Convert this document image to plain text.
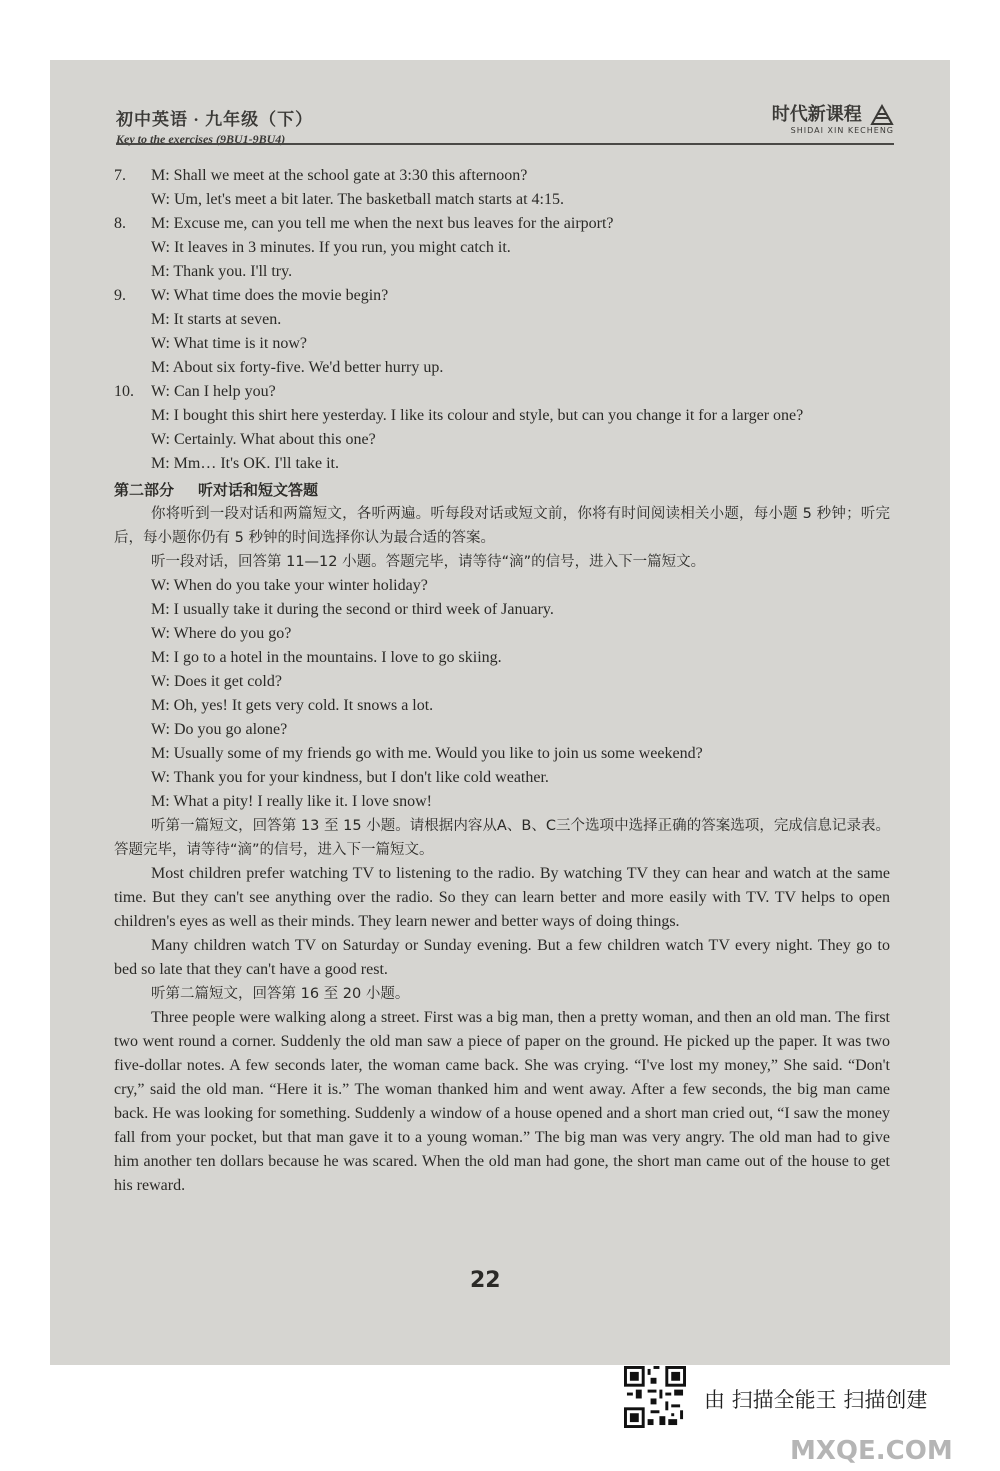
初中英语 · 九年级（下）
Key to the exercises (9BU1-9BU4)
时代新课程
SHIDAI XIN KECHENG
7. M: Shall we meet at the school gate at 3:30 this afternoon?
W: Um, let's meet a bit later. The basketball match starts at 4:15.
8. M: Excuse me, can you tell me when the next bus leaves for the airport?
W: It leaves in 3 minutes. If you run, you might catch it.
M: Thank you. I'll try.
9. W: What time does the movie begin?
M: It starts at seven.
W: What time is it now?
M: About six forty-five. We'd better hurry up.
10. W: Can I help you?
M: I bought this shirt here yesterday. I like its colour and style, but can you change it for a larger one?
W: Certainly. What about this one?
M: Mm… It's OK. I'll take it.
第二部分 听对话和短文答题
你将听到一段对话和两篇短文，各听两遍。听每段对话或短文前，你将有时间阅读相关小题，每小题 5 秒钟；听完后，每小题你仍有 5 秒钟的时间选择你认为最合适的答案。
听一段对话，回答第 11—12 小题。答题完毕，请等待“滴”的信号，进入下一篇短文。
W: When do you take your winter holiday?
M: I usually take it during the second or third week of January.
W: Where do you go?
M: I go to a hotel in the mountains. I love to go skiing.
W: Does it get cold?
M: Oh, yes! It gets very cold. It snows a lot.
W: Do you go alone?
M: Usually some of my friends go with me. Would you like to join us some weekend?
W: Thank you for your kindness, but I don't like cold weather.
M: What a pity! I really like it. I love snow!
听第一篇短文，回答第 13 至 15 小题。请根据内容从A、B、C三个选项中选择正确的答案选项，完成信息记录表。答题完毕，请等待“滴”的信号，进入下一篇短文。
Most children prefer watching TV to listening to the radio. By watching TV they can hear and watch at the same time. But they can't see anything over the radio. So they can learn better and more easily with TV. TV helps to open children's eyes as well as their minds. They learn newer and better ways of doing things.
Many children watch TV on Saturday or Sunday evening. But a few children watch TV every night. They go to bed so late that they can't have a good rest.
听第二篇短文，回答第 16 至 20 小题。
Three people were walking along a street. First was a big man, then a pretty woman, and then an old man. The first two went round a corner. Suddenly the old man saw a piece of paper on the ground. He picked up the paper. It was two five-dollar notes. A few seconds later, the woman came back. She was crying. “I've lost my money,” She said. “Don't cry,” said the old man. “Here it is.” The woman thanked him and went away. After a few seconds, the big man came back. He was looking for something. Suddenly a window of a house opened and a short man cried out, “I saw the money fall from your pocket, but that man gave it to a young woman.” The big man was very angry. The old man had to give him another ten dollars because he was scared. When the old man had gone, the short man came out of the house to get his reward.
22
由 扫描全能王 扫描创建
MXQE.COM
